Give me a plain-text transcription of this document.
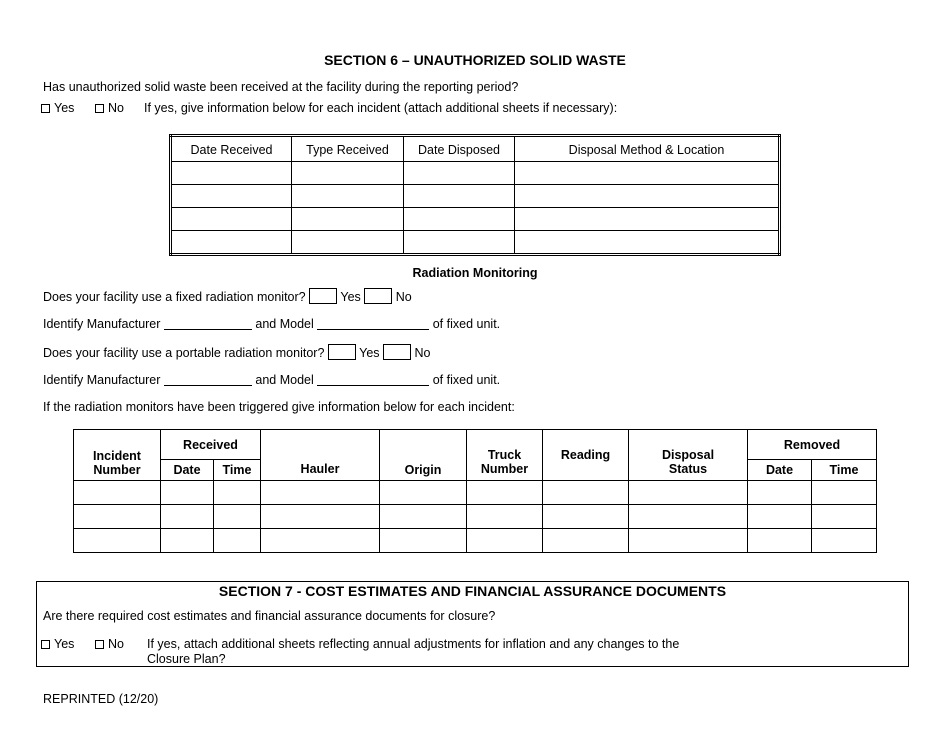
SECTION 6 – UNAUTHORIZED SOLID WASTE
Has unauthorized solid waste been received at the facility during the reporting period?
Yes	No If yes, give information below for each incident (attach additional sheets if necessary):
Date Received	Type Received	Date Disposed	Disposal Method & Location

Radiation Monitoring
Does your facility use a fixed radiation monitor?	Yes	No
Identify Manufacturer	and Model	of fixed unit.
Does your facility use a portable radiation monitor?	Yes	No
Identify Manufacturer	and Model	of fixed unit.
If the radiation monitors have been triggered give information below for each incident:
Incident Number	Received		Hauler	Origin	Truck Number	Reading	Disposal Status	Removed	
	Date	Time						Date	Time

SECTION 7 - COST ESTIMATES AND FINANCIAL ASSURANCE DOCUMENTS
Are there required cost estimates and financial assurance documents for closure?
Yes	No If yes, attach additional sheets reflecting annual adjustments for inflation and any changes to the
Closure Plan?
REPRINTED (12/20)
